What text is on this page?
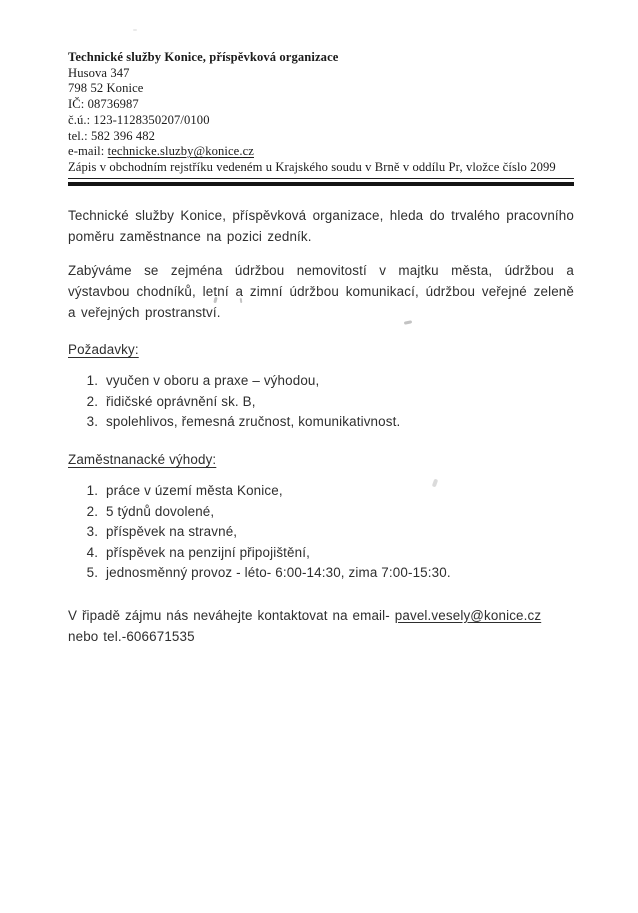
Technické služby Konice, příspěvková organizace
Husova 347
798 52 Konice
IČ: 08736987
č.ú.: 123-1128350207/0100
tel.: 582 396 482
e-mail: technicke.sluzby@konice.cz
Zápis v obchodním rejstříku vedeném u Krajského soudu v Brně v oddílu Pr, vložce číslo 2099

Technické služby Konice, příspěvková organizace, hleda do trvalého pracovního poměru zaměstnance na pozici zedník.

Zabýváme se zejména údržbou nemovitostí v majtku města, údržbou a výstavbou chodníků, letní a zimní údržbou komunikací, údržbou veřejné zeleně a veřejných prostranství.

Požadavky:
1. vyučen v oboru a praxe – výhodou,
2. řidičské oprávnění sk. B,
3. spolehlivos, řemesná zručnost, komunikativnost.
Zaměstnanacké výhody:
1. práce v území města Konice,
2. 5 týdnů dovolené,
3. příspěvek na stravné,
4. příspěvek na penzijní připojištění,
5. jednosměnný provoz - léto- 6:00-14:30, zima 7:00-15:30.

V řipadě zájmu nás neváhejte kontaktovat na email- pavel.vesely@konice.cz nebo tel.-606671535
